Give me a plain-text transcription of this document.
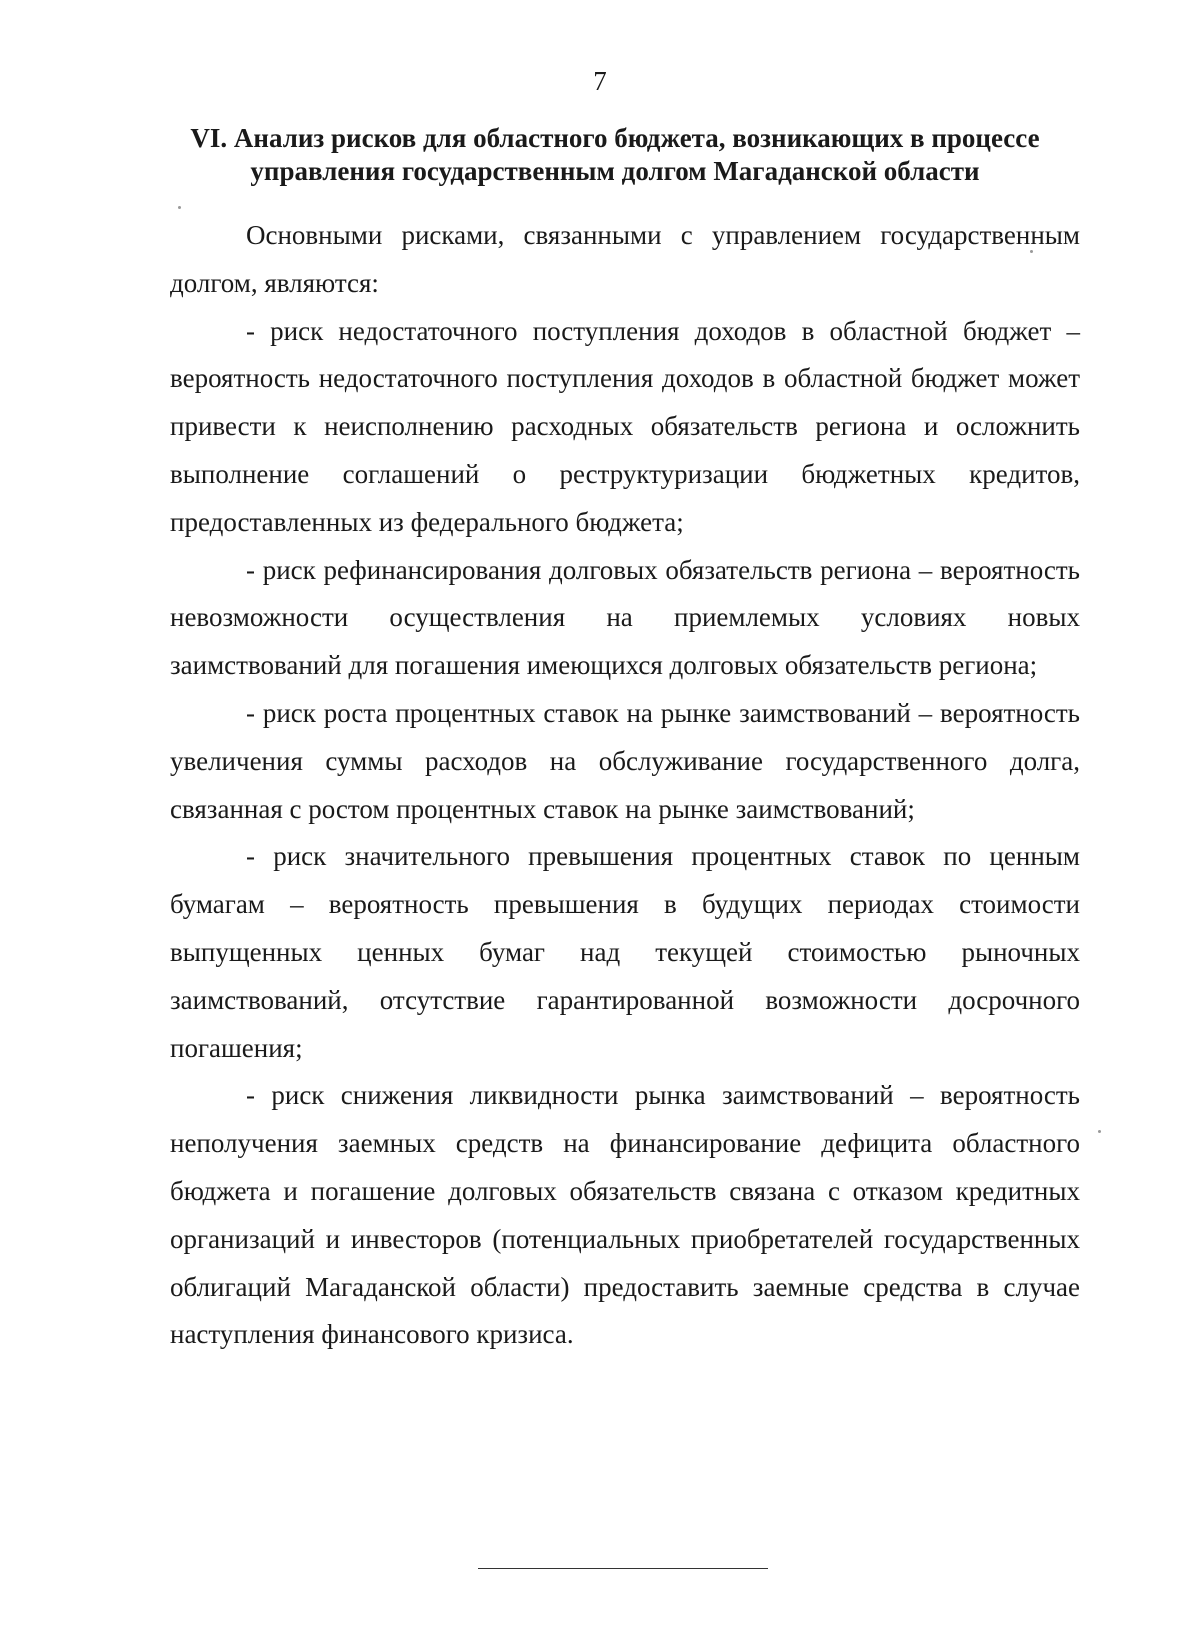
7
VI. Анализ рисков для областного бюджета, возникающих в процессе
управления государственным долгом Магаданской области

Основными рисками, связанными с управлением государственным долгом, являются:

- риск недостаточного поступления доходов в областной бюджет – вероятность недостаточного поступления доходов в областной бюджет может привести к неисполнению расходных обязательств региона и осложнить выполнение соглашений о реструктуризации бюджетных кредитов, предоставленных из федерального бюджета;

- риск рефинансирования долговых обязательств региона – вероятность невозможности осуществления на приемлемых условиях новых заимствований для погашения имеющихся долговых обязательств региона;

- риск роста процентных ставок на рынке заимствований – вероятность увеличения суммы расходов на обслуживание государственного долга, связанная с ростом процентных ставок на рынке заимствований;

- риск значительного превышения процентных ставок по ценным бумагам – вероятность превышения в будущих периодах стоимости выпущенных ценных бумаг над текущей стоимостью рыночных заимствований, отсутствие гарантированной возможности досрочного погашения;

- риск снижения ликвидности рынка заимствований – вероятность неполучения заемных средств на финансирование дефицита областного бюджета и погашение долговых обязательств связана с отказом кредитных организаций и инвесторов (потенциальных приобретателей государственных облигаций Магаданской области) предоставить заемные средства в случае наступления финансового кризиса.
